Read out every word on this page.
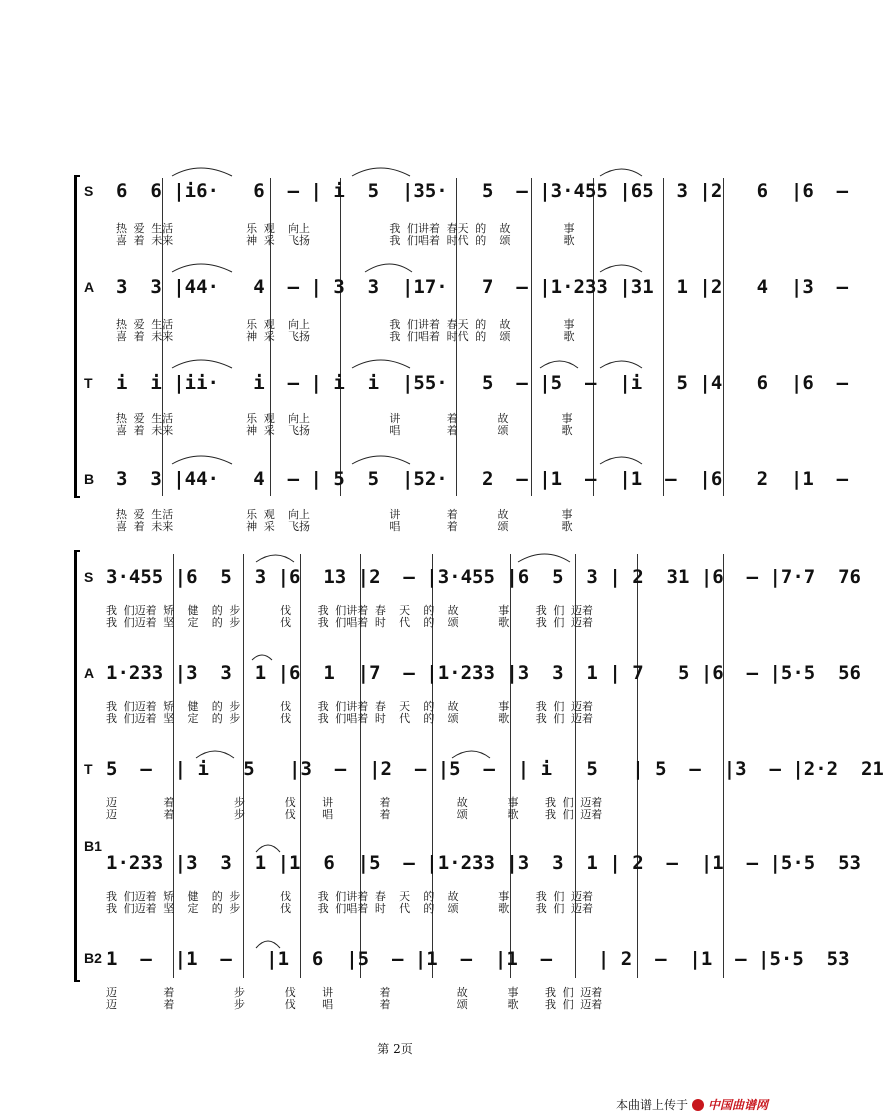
S 6  6 |i6·   6  – | i  5  |35·   5  – |3·455 |65  3 |2   6  |6  –
热 爱 生活           乐 观  向上            我 们讲着 春天 的  故        事
喜 着 未来           神 采  飞扬            我 们唱着 时代 的  颂        歌
A 3  3 |44·   4  – | 3  3  |17·   7  – |1·233 |31  1 |2   4  |3  –
热 爱 生活           乐 观  向上            我 们讲着 春天 的  故        事
喜 着 未来           神 采  飞扬            我 们唱着 时代 的  颂        歌
T i  i |ii·   i  – | i  i  |55·   5  – |5  –  |i   5 |4   6  |6  –
热 爱 生活           乐 观  向上            讲       着      故        事
喜 着 未来           神 采  飞扬            唱       着      颂        歌
B 3  3 |44·   4  – | 5  5  |52·   2  – |1  –  |1  –  |6   2  |1  –
热 爱 生活           乐 观  向上            讲       着      故        事
喜 着 未来           神 采  飞扬            唱       着      颂        歌
S 3·455 |6  5  3 |6  13 |2  – |3·455 |6  5  3 | 2  31 |6  – |7·7  76
我 们迈着 矫  健  的 步      伐    我 们讲着 春  天  的  故      事    我 们 迈着
我 们迈着 坚  定  的 步      伐    我 们唱着 时  代  的  颂      歌    我 们 迈着
A 1·233 |3  3  1 |6  1  |7  – |1·233 |3  3  1 | 7   5 |6  – |5·5  56
我 们迈着 矫  健  的 步      伐    我 们讲着 春  天  的  故      事    我 们 迈着
我 们迈着 坚  定  的 步      伐    我 们唱着 时  代  的  颂      歌    我 们 迈着
T 5  –  | i   5   |3  –  |2  – |5  –  | i   5   | 5  –  |3  – |2·2  21
迈       着         步      伐    讲       着          故      事    我 们 迈着
迈       着         步      伐    唱       着          颂      歌    我 们 迈着
B1
1·233 |3  3  1 |1  6  |5  – |1·233 |3  3  1 | 2  –  |1  – |5·5  53
我 们迈着 矫  健  的 步      伐    我 们讲着 春  天  的  故      事    我 们 迈着
我 们迈着 坚  定  的 步      伐    我 们唱着 时  代  的  颂      歌    我 们 迈着
B2 1  –  |1  –   |1  6  |5  – |1  –  |1  –    | 2  –  |1  – |5·5  53
迈       着         步      伐    讲       着          故      事    我 们 迈着
迈       着         步      伐    唱       着          颂      歌    我 们 迈着
第 2页
本曲谱上传于 中国曲谱网
